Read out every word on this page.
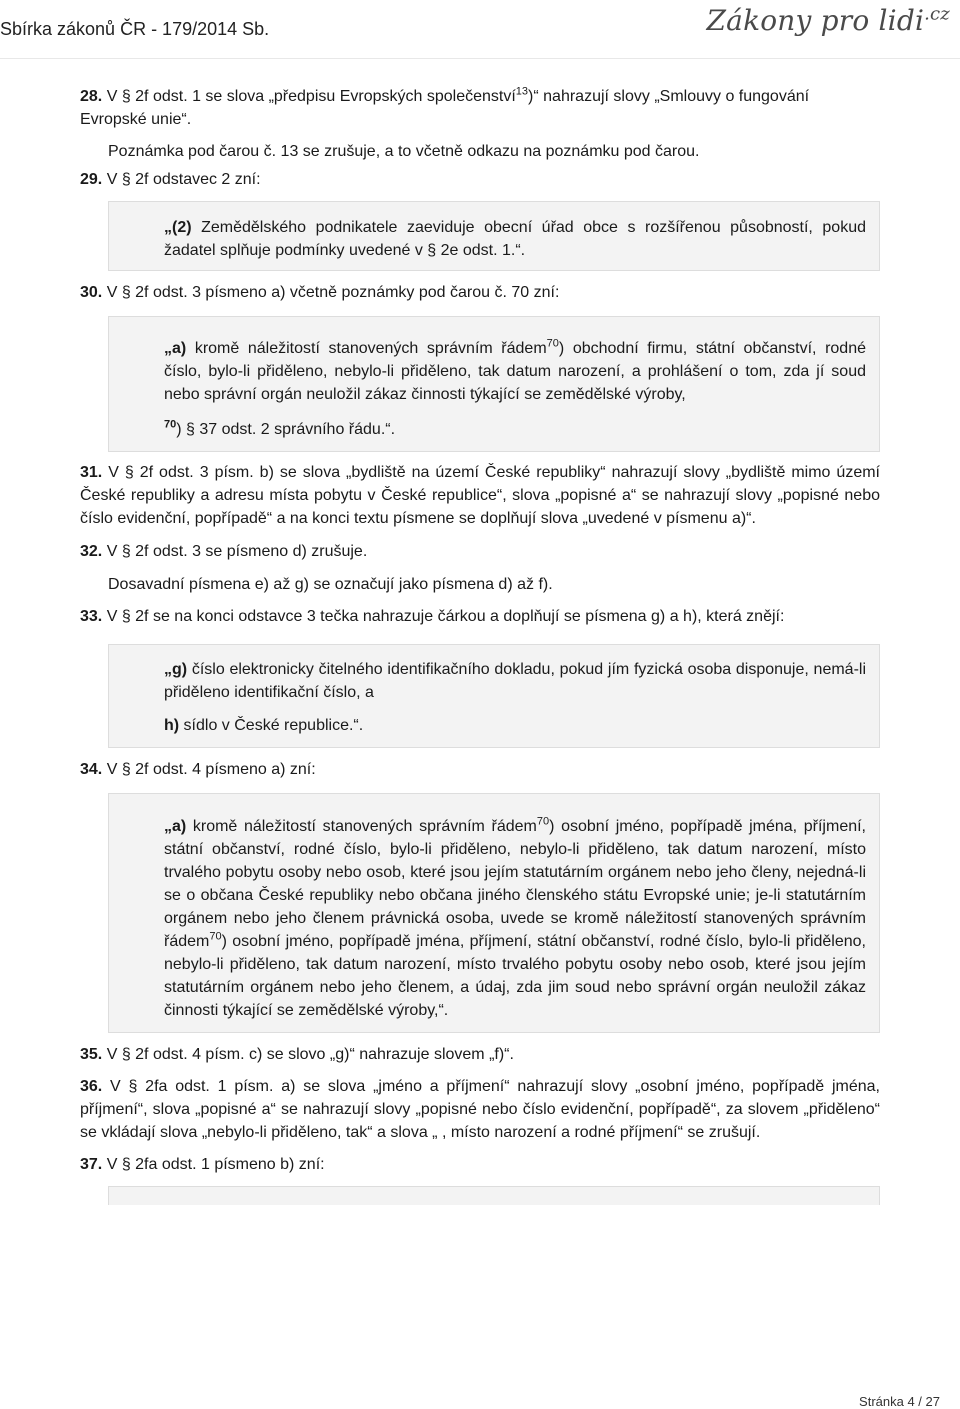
Sbírka zákonů ČR - 179/2014 Sb.	Zákony pro lidi$^{.cz}$

28. V § 2f odst. 1 se slova „předpisu Evropských společenství$^{13}$)“ nahrazují slovy „Smlouvy o fungování Evropské unie“.

Poznámka pod čarou č. 13 se zrušuje, a to včetně odkazu na poznámku pod čarou.

29. V § 2f odstavec 2 zní:

„(2) Zemědělského podnikatele zaeviduje obecní úřad obce s rozšířenou působností, pokud žadatel splňuje podmínky uvedené v § 2e odst. 1.“.

30. V § 2f odst. 3 písmeno a) včetně poznámky pod čarou č. 70 zní:

„a) kromě náležitostí stanovených správním řádem$^{70}$) obchodní firmu, státní občanství, rodné číslo, bylo-li přiděleno, nebylo-li přiděleno, tak datum narození, a prohlášení o tom, zda jí soud nebo správní orgán neuložil zákaz činnosti týkající se zemědělské výroby,
$^{70}$) § 37 odst. 2 správního řádu.“.

31. V § 2f odst. 3 písm. b) se slova „bydliště na území České republiky“ nahrazují slovy „bydliště mimo území České republiky a adresu místa pobytu v České republice“, slova „popisné a“ se nahrazují slovy „popisné nebo číslo evidenční, popřípadě“ a na konci textu písmene se doplňují slova „uvedené v písmenu a)“.

32. V § 2f odst. 3 se písmeno d) zrušuje.

Dosavadní písmena e) až g) se označují jako písmena d) až f).

33. V § 2f se na konci odstavce 3 tečka nahrazuje čárkou a doplňují se písmena g) a h), která znějí:

„g) číslo elektronicky čitelného identifikačního dokladu, pokud jím fyzická osoba disponuje, nemá-li přiděleno identifikační číslo, a
h) sídlo v České republice.“.

34. V § 2f odst. 4 písmeno a) zní:

„a) kromě náležitostí stanovených správním řádem$^{70}$) osobní jméno, popřípadě jména, příjmení, státní občanství, rodné číslo, bylo-li přiděleno, nebylo-li přiděleno, tak datum narození, místo trvalého pobytu osoby nebo osob, které jsou jejím statutárním orgánem nebo jeho členy, nejedná-li se o občana České republiky nebo občana jiného členského státu Evropské unie; je-li statutárním orgánem nebo jeho členem právnická osoba, uvede se kromě náležitostí stanovených správním řádem$^{70}$) osobní jméno, popřípadě jména, příjmení, státní občanství, rodné číslo, bylo-li přiděleno, nebylo-li přiděleno, tak datum narození, místo trvalého pobytu osoby nebo osob, které jsou jejím statutárním orgánem nebo jeho členem, a údaj, zda jim soud nebo správní orgán neuložil zákaz činnosti týkající se zemědělské výroby,“.

35. V § 2f odst. 4 písm. c) se slovo „g)“ nahrazuje slovem „f)“.

36. V § 2fa odst. 1 písm. a) se slova „jméno a příjmení“ nahrazují slovy „osobní jméno, popřípadě jména, příjmení“, slova „popisné a“ se nahrazují slovy „popisné nebo číslo evidenční, popřípadě“, za slovem „přiděleno“ se vkládají slova „nebylo-li přiděleno, tak“ a slova „ , místo narození a rodné příjmení“ se zrušují.

37. V § 2fa odst. 1 písmeno b) zní:

Stránka 4 / 27
